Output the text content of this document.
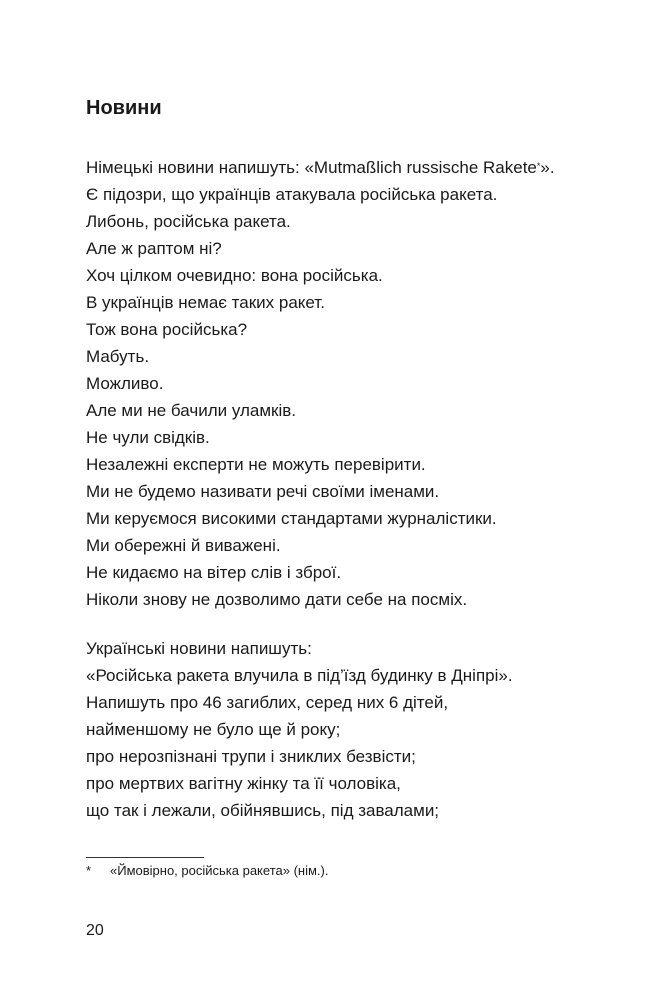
Новини
Німецькі новини напишуть: «Mutmaßlich russische Rakete*».
Є підозри, що українців атакувала російська ракета.
Либонь, російська ракета.
Але ж раптом ні?
Хоч цілком очевидно: вона російська.
В українців немає таких ракет.
Тож вона російська?
Мабуть.
Можливо.
Але ми не бачили уламків.
Не чули свідків.
Незалежні експерти не можуть перевірити.
Ми не будемо називати речі своїми іменами.
Ми керуємося високими стандартами журналістики.
Ми обережні й виважені.
Не кидаємо на вітер слів і зброї.
Ніколи знову не дозволимо дати себе на посміх.
Українські новини напишуть:
«Російська ракета влучила в під’їзд будинку в Дніпрі».
Напишуть про 46 загиблих, серед них 6 дітей,
найменшому не було ще й року;
про нерозпізнані трупи і зниклих безвісти;
про мертвих вагітну жінку та її чоловіка,
що так і лежали, обійнявшись, під завалами;
* «Ймовірно, російська ракета» (нім.).
20
